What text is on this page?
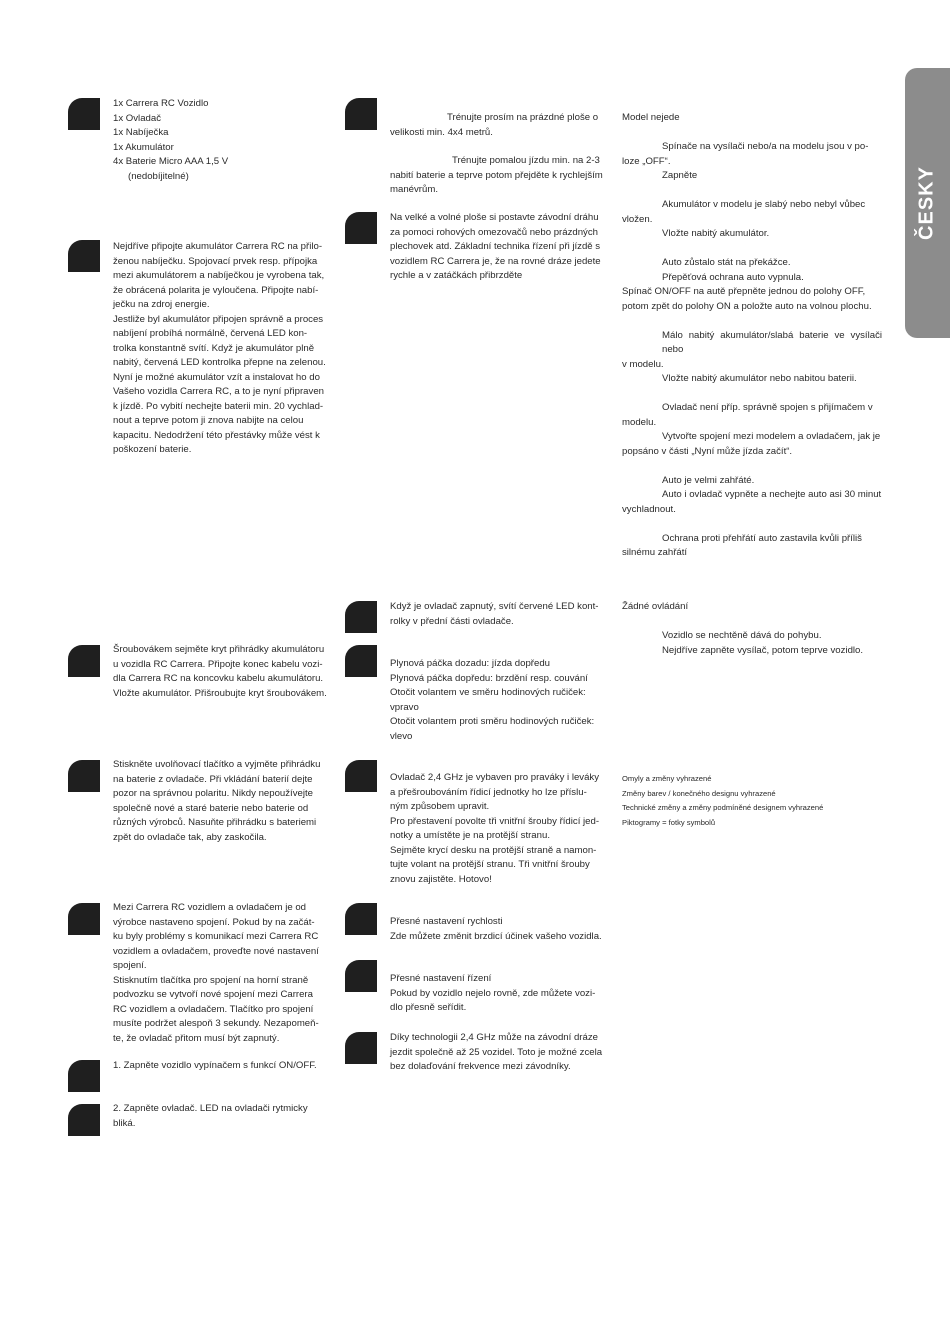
ČESKY

1x Carrera RC Vozidlo

1x Ovladač

1x Nabíječka

1x Akumulátor

4x Baterie Micro AAA 1,5 V

(nedobíjitelné)

Nejdříve připojte akumulátor Carrera RC na přilo-

ženou nabíječku. Spojovací prvek resp. přípojka

mezi akumulátorem a nabíječkou je vyrobena tak,

že obrácená polarita je vyloučena. Připojte nabí-

ječku na zdroj energie.

Jestliže byl akumulátor připojen správně a proces

nabíjení probíhá normálně, červená LED kon-

trolka konstantně svítí. Když je akumulátor plně

nabitý, červená LED kontrolka přepne na zelenou.

Nyní je možné akumulátor vzít a instalovat ho do

Vašeho vozidla Carrera RC, a to je nyní připraven

k jízdě. Po vybití nechejte baterii min. 20 vychlad-

nout a teprve potom ji znova nabijte na celou

kapacitu. Nedodržení této přestávky může vést k

poškození baterie.

Šroubovákem sejměte kryt přihrádky akumulátoru

u vozidla RC Carrera. Připojte konec kabelu vozi-

dla Carrera RC na koncovku kabelu akumulátoru.

Vložte akumulátor. Přišroubujte kryt šroubovákem.

Stiskněte uvolňovací tlačítko a vyjměte přihrádku

na baterie z ovladače. Při vkládání baterií dejte

pozor na správnou polaritu. Nikdy nepoužívejte

společně nové a staré baterie nebo baterie od

různých výrobců. Nasuňte přihrádku s bateriemi

zpět do ovladače tak, aby zaskočila.

Mezi Carrera RC vozidlem a ovladačem je od

výrobce nastaveno spojení. Pokud by na začát-

ku byly problémy s komunikací mezi Carrera RC

vozidlem a ovladačem, proveďte nové nastavení

spojení.

Stisknutím tlačítka pro spojení na horní straně

podvozku se vytvoří nové spojení mezi Carrera

RC vozidlem a ovladačem. Tlačítko pro spojení

musíte podržet alespoň 3 sekundy. Nezapomeň-

te, že ovladač přitom musí být zapnutý.

1. Zapněte vozidlo vypínačem s funkcí ON/OFF.

2. Zapněte ovladač. LED na ovladači rytmicky

bliká.

Trénujte prosím na prázdné ploše o

velikosti min. 4x4 metrů.

Trénujte pomalou jízdu min. na 2-3

nabití baterie a teprve potom přejděte k rychlejším

manévrům.

Na velké a volné ploše si postavte závodní dráhu

za pomoci rohových omezovačů nebo prázdných

plechovek atd. Základní technika řízení při jízdě s

vozidlem RC Carrera je, že na rovné dráze jedete

rychle a v zatáčkách přibrzděte

Když je ovladač zapnutý, svítí červené LED kont-

rolky v přední části ovladače.

Plynová páčka dozadu: jízda dopředu

Plynová páčka dopředu: brzdění resp. couvání

Otočit volantem ve směru hodinových ručiček:

vpravo

Otočit volantem proti směru hodinových ručiček:

vlevo

Ovladač 2,4 GHz je vybaven pro praváky i leváky

a přešroubováním řídicí jednotky ho lze příslu-

ným způsobem upravit.

Pro přestavení povolte tři vnitřní šrouby řídicí jed-

notky a umístěte je na protější stranu.

Sejměte krycí desku na protější straně a namon-

tujte volant na protější stranu. Tři vnitřní šrouby

znovu zajistěte. Hotovo!

Přesné nastavení rychlosti

Zde můžete změnit brzdicí účinek vašeho vozidla.

Přesné nastavení řízení

Pokud by vozidlo nejelo rovně, zde můžete vozi-

dlo přesně seřídit.

Díky technologii 2,4 GHz může na závodní dráze

jezdit společně až 25 vozidel. Toto je možné zcela

bez dolaďování frekvence mezi závodníky.

Model nejede

Spínače na vysílači nebo/a na modelu jsou v po-

loze „OFF“.

Zapněte

Akumulátor v modelu je slabý nebo nebyl vůbec

vložen.

Vložte nabitý akumulátor.

Auto zůstalo stát na překážce.

Přepěťová ochrana auto vypnula.

Spínač ON/OFF na autě přepněte jednou do polohy OFF,

potom zpět do polohy ON a položte auto na volnou plochu.

Málo nabitý akumulátor/slabá baterie ve vysílači nebo

v modelu.

Vložte nabitý akumulátor nebo nabitou baterii.

Ovladač není příp. správně spojen s přijímačem v

modelu.

Vytvořte spojení mezi modelem a ovladačem, jak je

popsáno v části „Nyní může jízda začít“.

Auto je velmi zahřáté.

Auto i ovladač vypněte a nechejte auto asi 30 minut

vychladnout.

Ochrana proti přehřátí auto zastavila kvůli příliš

silnému zahřátí

Žádné ovládání

Vozidlo se nechtěně dává do pohybu.

Nejdříve zapněte vysílač, potom teprve vozidlo.

Omyly a změny vyhrazené

Změny barev / konečného designu vyhrazené

Technické změny a změny podmíněné designem vyhrazené

Piktogramy = fotky symbolů
